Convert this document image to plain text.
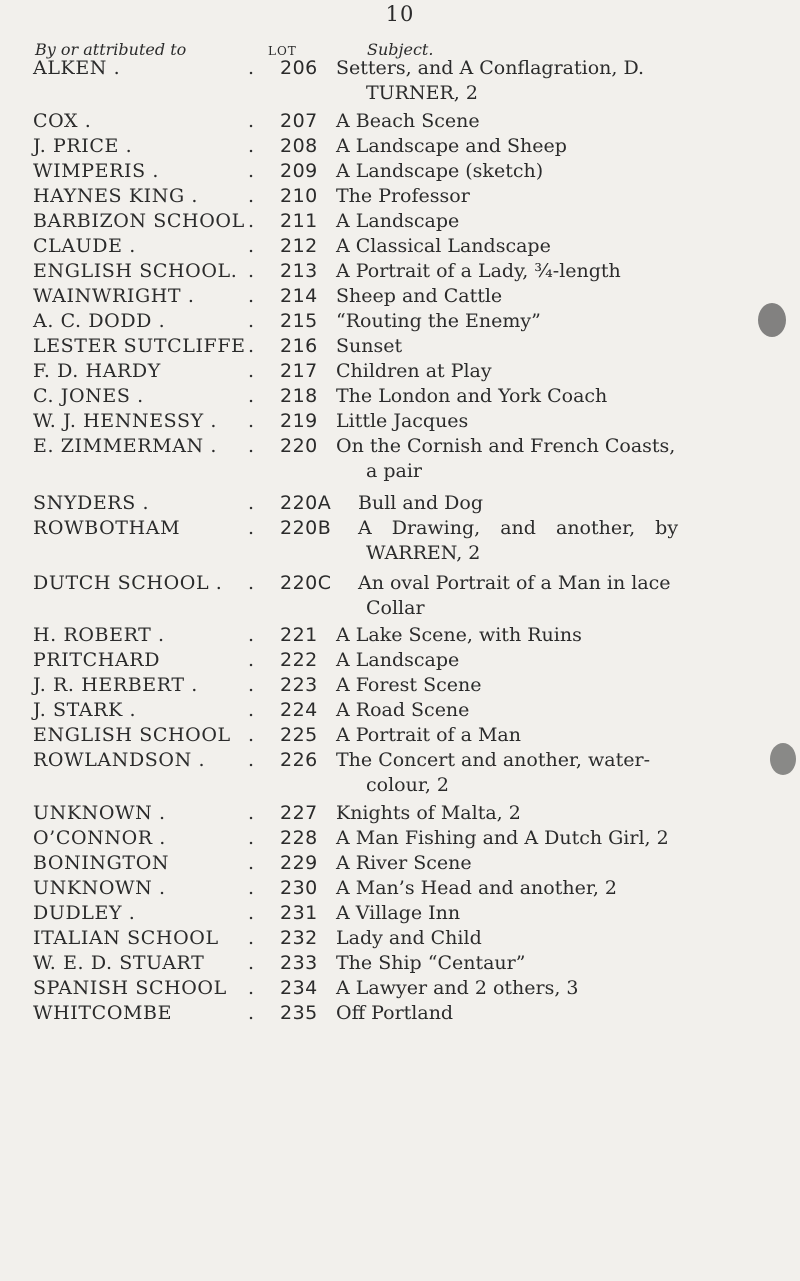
10
By or attributed to	LOT	Subject.
ALKEN .	. 206 Setters, and A Conflagration, D.
TURNER, 2
COX .	. 207 A Beach Scene
J. PRICE .	. 208 A Landscape and Sheep
WIMPERIS .	. 209 A Landscape (sketch)
HAYNES KING .	. 210 The Professor
BARBIZON SCHOOL . 211 A Landscape
CLAUDE .	. 212 A Classical Landscape
ENGLISH SCHOOL. . 213 A Portrait of a Lady, ¾-length
WAINWRIGHT .	. 214 Sheep and Cattle
A. C. DODD .	. 215 “Routing the Enemy”
LESTER SUTCLIFFE . 216 Sunset
F. D. HARDY	. 217 Children at Play
C. JONES .	. 218 The London and York Coach
W. J. HENNESSY . . 219 Little Jacques
E. ZIMMERMAN . . 220 On the Cornish and French Coasts,
a pair
SNYDERS .	. 220A Bull and Dog
ROWBOTHAM	. 220B A Drawing, and another, by
WARREN, 2
DUTCH SCHOOL . . 220C An oval Portrait of a Man in lace
Collar
H. ROBERT .	. 221 A Lake Scene, with Ruins
PRITCHARD	. 222 A Landscape
J. R. HERBERT .	. 223 A Forest Scene
J. STARK .	. 224 A Road Scene
ENGLISH SCHOOL . 225 A Portrait of a Man
ROWLANDSON . . 226 The Concert and another, water-
colour, 2
UNKNOWN .	. 227 Knights of Malta, 2
O’CONNOR .	. 228 A Man Fishing and A Dutch Girl, 2
BONINGTON	. 229 A River Scene
UNKNOWN .	. 230 A Man’s Head and another, 2
DUDLEY .	. 231 A Village Inn
ITALIAN SCHOOL . 232 Lady and Child
W. E. D. STUART . 233 The Ship “Centaur”
SPANISH SCHOOL . 234 A Lawyer and 2 others, 3
WHITCOMBE	. 235 Off Portland
